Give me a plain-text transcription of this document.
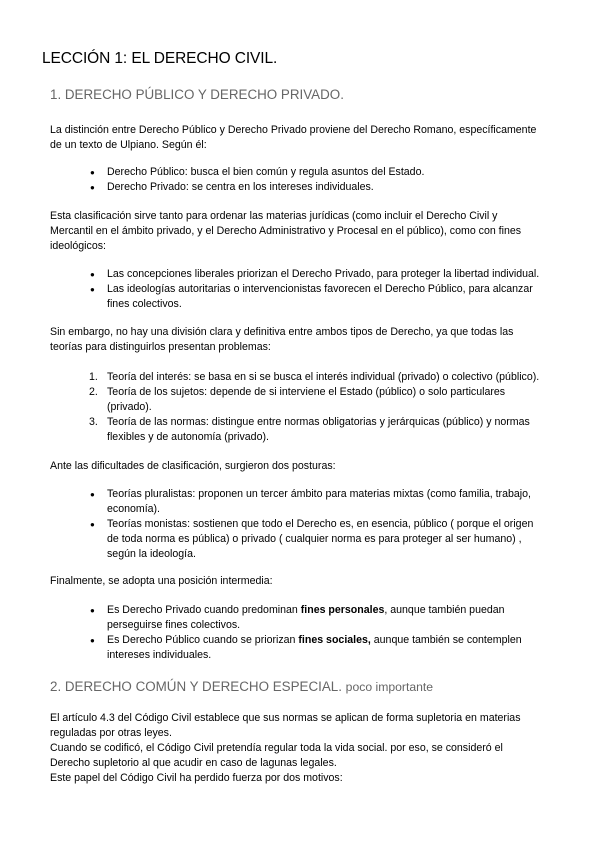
LECCIÓN 1: EL DERECHO CIVIL.
1. DERECHO PÚBLICO Y DERECHO PRIVADO.

La distinción entre Derecho Público y Derecho Privado proviene del Derecho Romano, específicamente
de un texto de Ulpiano. Según él:

●	Derecho Público: busca el bien común y regula asuntos del Estado.
●	Derecho Privado: se centra en los intereses individuales.

Esta clasificación sirve tanto para ordenar las materias jurídicas (como incluir el Derecho Civil y
Mercantil en el ámbito privado, y el Derecho Administrativo y Procesal en el público), como con fines
ideológicos:

●	Las concepciones liberales priorizan el Derecho Privado, para proteger la libertad individual.
●	Las ideologías autoritarias o intervencionistas favorecen el Derecho Público, para alcanzar
fines colectivos.

Sin embargo, no hay una división clara y definitiva entre ambos tipos de Derecho, ya que todas las
teorías para distinguirlos presentan problemas:

1. Teoría del interés: se basa en si se busca el interés individual (privado) o colectivo (público).
2. Teoría de los sujetos: depende de si interviene el Estado (público) o solo particulares
(privado).
3. Teoría de las normas: distingue entre normas obligatorias y jerárquicas (público) y normas
flexibles y de autonomía (privado).

Ante las dificultades de clasificación, surgieron dos posturas:

●	Teorías pluralistas: proponen un tercer ámbito para materias mixtas (como familia, trabajo,
economía).
●	Teorías monistas: sostienen que todo el Derecho es, en esencia, público ( porque el origen
de toda norma es pública) o privado ( cualquier norma es para proteger al ser humano) ,
según la ideología.

Finalmente, se adopta una posición intermedia:

●	Es Derecho Privado cuando predominan fines personales, aunque también puedan
perseguirse fines colectivos.
●	Es Derecho Público cuando se priorizan fines sociales, aunque también se contemplen
intereses individuales.
2. DERECHO COMÚN Y DERECHO ESPECIAL. poco importante

El artículo 4.3 del Código Civil establece que sus normas se aplican de forma supletoria en materias
reguladas por otras leyes.
Cuando se codificó, el Código Civil pretendía regular toda la vida social. por eso, se consideró el
Derecho supletorio al que acudir en caso de lagunas legales.
Este papel del Código Civil ha perdido fuerza por dos motivos:
